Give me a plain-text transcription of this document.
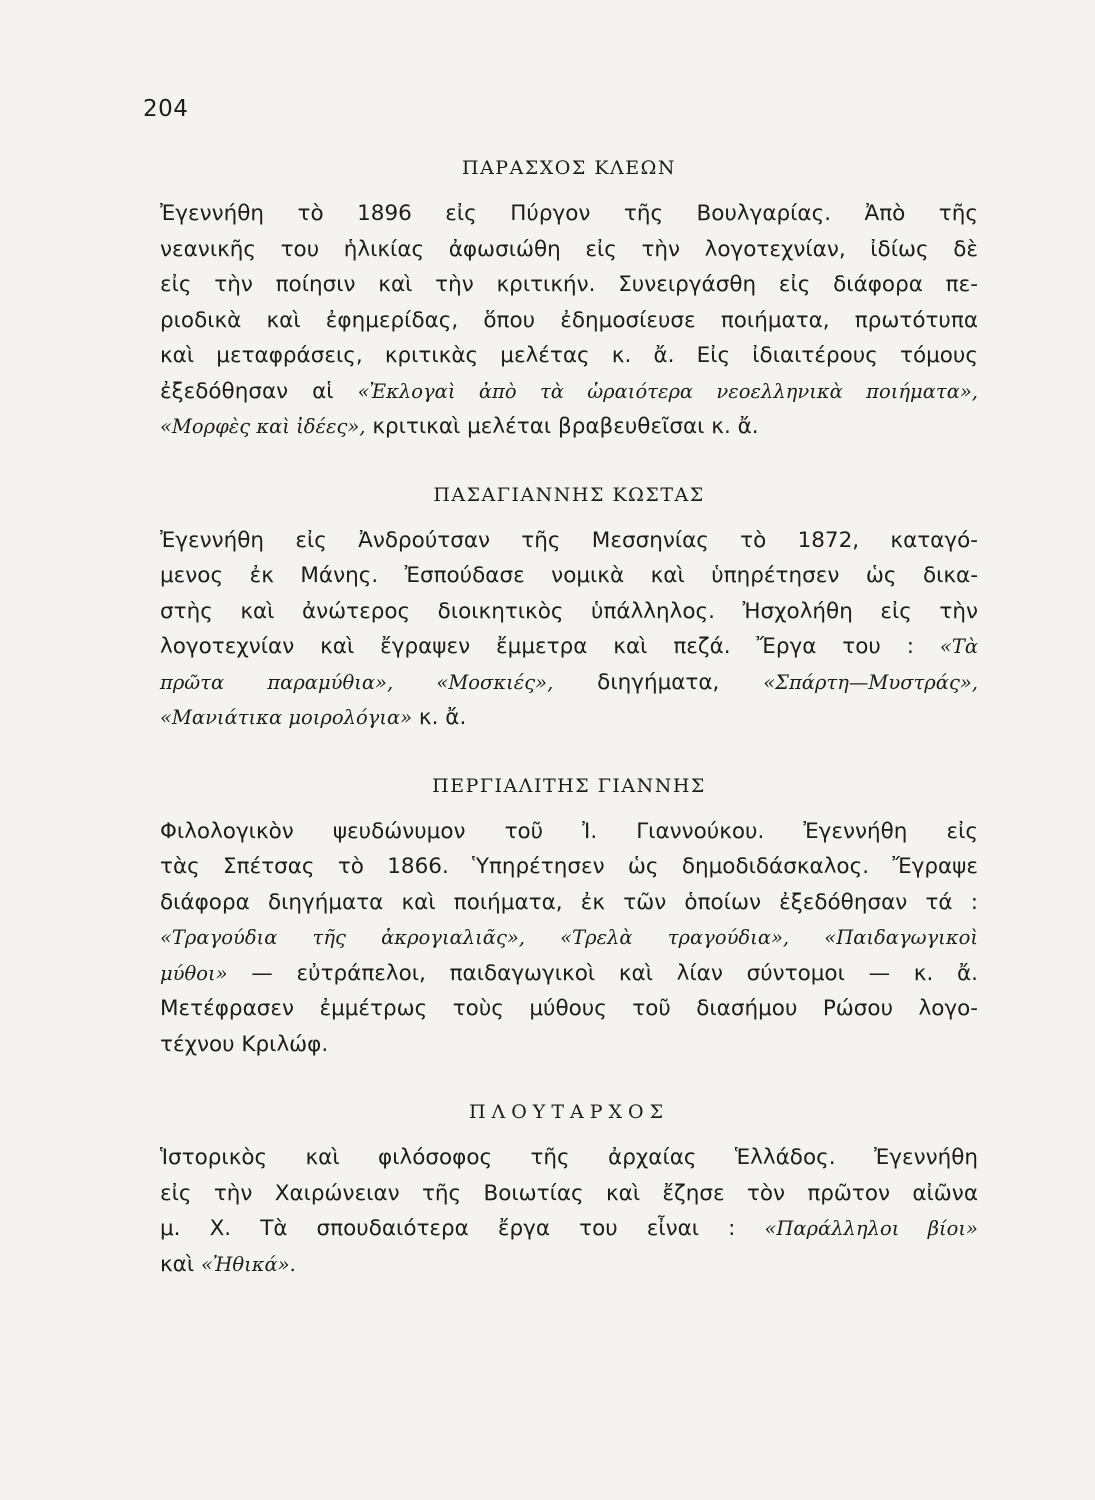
204
ΠΑΡΑΣΧΟΣ ΚΛΕΩΝ
Ἐγεννήθη τὸ 1896 εἰς Πύργον τῆς Βουλγαρίας. Ἀπὸ τῆς
νεανικῆς του ἡλικίας ἀφωσιώθη εἰς τὴν λογοτεχνίαν, ἰδίως δὲ
εἰς τὴν ποίησιν καὶ τὴν κριτικήν. Συνειργάσθη εἰς διάφορα πε-
ριοδικὰ καὶ ἐφημερίδας, ὅπου ἐδημοσίευσε ποιήματα, πρωτότυπα
καὶ μεταφράσεις, κριτικὰς μελέτας κ. ἄ. Εἰς ἰδιαιτέρους τόμους
ἐξεδόθησαν αἱ «Ἐκλογαὶ ἀπὸ τὰ ὡραιότερα νεοελληνικὰ ποιήματα»,
«Μορφὲς καὶ ἰδέες», κριτικαὶ μελέται βραβευθεῖσαι κ. ἄ.
ΠΑΣΑΓΙΑΝΝΗΣ ΚΩΣΤΑΣ
Ἐγεννήθη εἰς Ἀνδρούτσαν τῆς Μεσσηνίας τὸ 1872, καταγό-
μενος ἐκ Μάνης. Ἐσπούδασε νομικὰ καὶ ὑπηρέτησεν ὡς δικα-
στὴς καὶ ἀνώτερος διοικητικὸς ὑπάλληλος. Ἠσχολήθη εἰς τὴν
λογοτεχνίαν καὶ ἔγραψεν ἔμμετρα καὶ πεζά. Ἔργα του : «Τὰ
πρῶτα παραμύθια», «Μοσκιές», διηγήματα, «Σπάρτη—Μυστράς»,
«Μανιάτικα μοιρολόγια» κ. ἄ.
ΠΕΡΓΙΑΛΙΤΗΣ ΓΙΑΝΝΗΣ
Φιλολογικὸν ψευδώνυμον τοῦ Ἰ. Γιαννούκου. Ἐγεννήθη εἰς
τὰς Σπέτσας τὸ 1866. Ὑπηρέτησεν ὡς δημοδιδάσκαλος. Ἔγραψε
διάφορα διηγήματα καὶ ποιήματα, ἐκ τῶν ὁποίων ἐξεδόθησαν τά :
«Τραγούδια τῆς ἀκρογιαλιᾶς», «Τρελὰ τραγούδια», «Παιδαγωγικοὶ
μύθοι» — εὐτράπελοι, παιδαγωγικοὶ καὶ λίαν σύντομοι — κ. ἄ.
Μετέφρασεν ἐμμέτρως τοὺς μύθους τοῦ διασήμου Ρώσου λογο-
τέχνου Κριλώφ.
ΠΛΟΥΤΑΡΧΟΣ
Ἱστορικὸς καὶ φιλόσοφος τῆς ἀρχαίας Ἑλλάδος. Ἐγεννήθη
εἰς τὴν Χαιρώνειαν τῆς Βοιωτίας καὶ ἔζησε τὸν πρῶτον αἰῶνα
μ. Χ. Τὰ σπουδαιότερα ἔργα του εἶναι : «Παράλληλοι βίοι»
καὶ «Ἠθικά».
